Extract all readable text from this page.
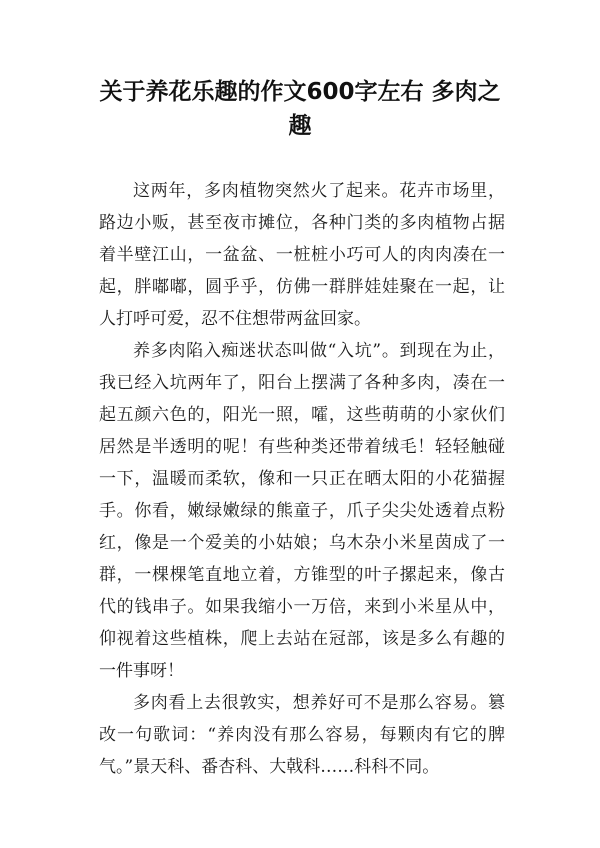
关于养花乐趣的作文600字左右 多肉之趣

这两年，多肉植物突然火了起来。花卉市场里，路边小贩，甚至夜市摊位，各种门类的多肉植物占据着半壁江山，一盆盆、一桩桩小巧可人的肉肉凑在一起，胖嘟嘟，圆乎乎，仿佛一群胖娃娃聚在一起，让人打呼可爱，忍不住想带两盆回家。

养多肉陷入痴迷状态叫做“入坑”。到现在为止，我已经入坑两年了，阳台上摆满了各种多肉，凑在一起五颜六色的，阳光一照，嚯，这些萌萌的小家伙们居然是半透明的呢！有些种类还带着绒毛！轻轻触碰一下，温暖而柔软，像和一只正在晒太阳的小花猫握手。你看，嫩绿嫩绿的熊童子，爪子尖尖处透着点粉红，像是一个爱美的小姑娘；乌木杂小米星茵成了一群，一棵棵笔直地立着，方锥型的叶子摞起来，像古代的钱串子。如果我缩小一万倍，来到小米星从中，仰视着这些植株，爬上去站在冠部，该是多么有趣的一件事呀！

多肉看上去很敦实，想养好可不是那么容易。篡改一句歌词：“养肉没有那么容易，每颗肉有它的脾气。”景天科、番杏科、大戟科……科科不同。
